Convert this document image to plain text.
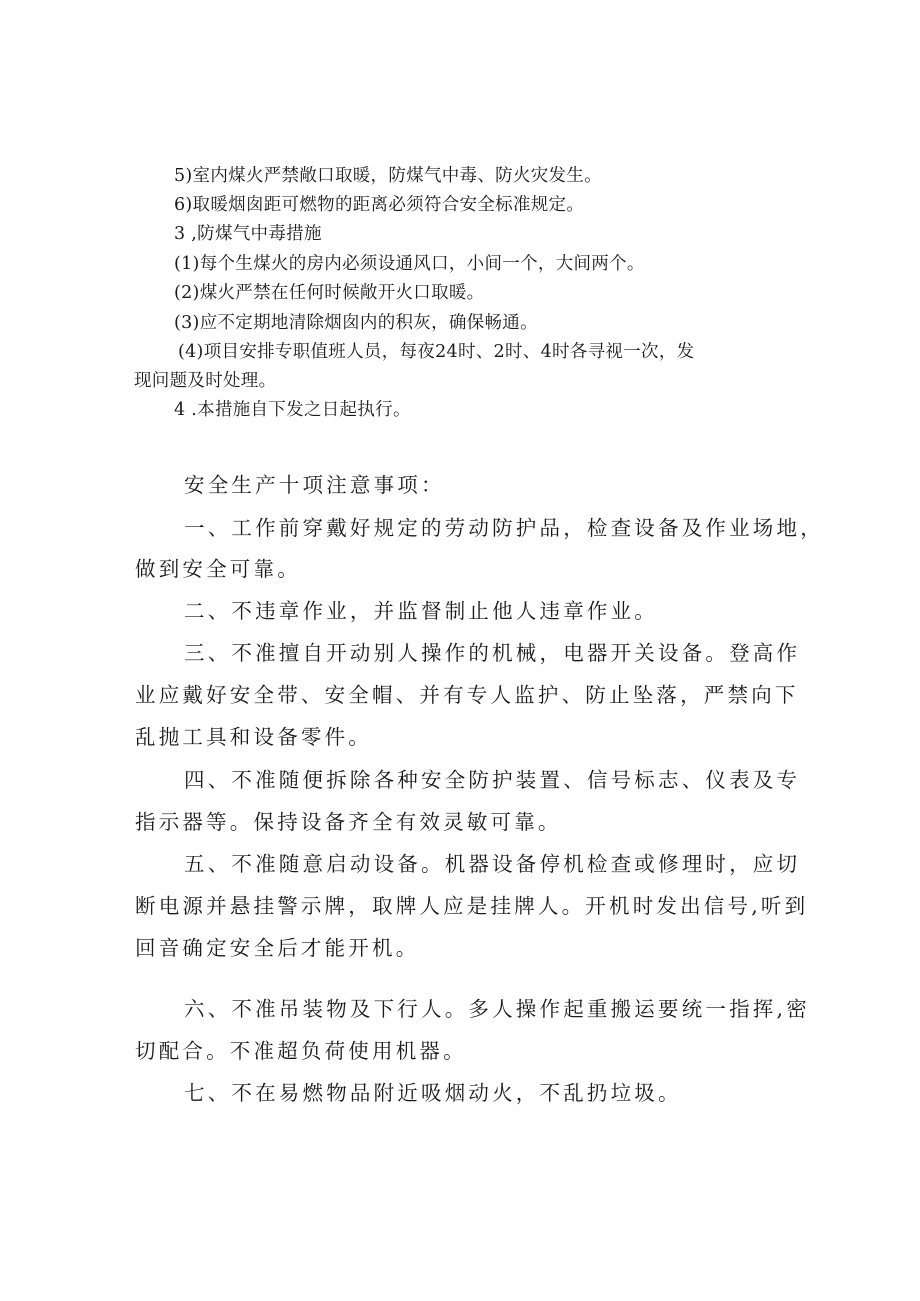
5)室内煤火严禁敞口取暖，防煤气中毒、防火灾发生。

6)取暖烟囱距可燃物的距离必须符合安全标准规定。

3 ,防煤气中毒措施

(1)每个生煤火的房内必须设通风口，小间一个，大间两个。

(2)煤火严禁在任何时候敞开火口取暖。

(3)应不定期地清除烟囱内的积灰，确保畅通。

(4)项目安排专职值班人员，每夜24时、2时、4时各寻视一次，发

现问题及时处理。

4 .本措施自下发之日起执行。

安全生产十项注意事项：

一、工作前穿戴好规定的劳动防护品，检查设备及作业场地，

做到安全可靠。

二、不违章作业，并监督制止他人违章作业。

三、不准擅自开动别人操作的机械，电器开关设备。登高作

业应戴好安全带、安全帽、并有专人监护、防止坠落，严禁向下

乱抛工具和设备零件。

四、不准随便拆除各种安全防护装置、信号标志、仪表及专

指示器等。保持设备齐全有效灵敏可靠。

五、不准随意启动设备。机器设备停机检查或修理时，应切

断电源并悬挂警示牌，取牌人应是挂牌人。开机时发出信号,听到

回音确定安全后才能开机。

六、不准吊装物及下行人。多人操作起重搬运要统一指挥,密

切配合。不准超负荷使用机器。

七、不在易燃物品附近吸烟动火，不乱扔垃圾。
